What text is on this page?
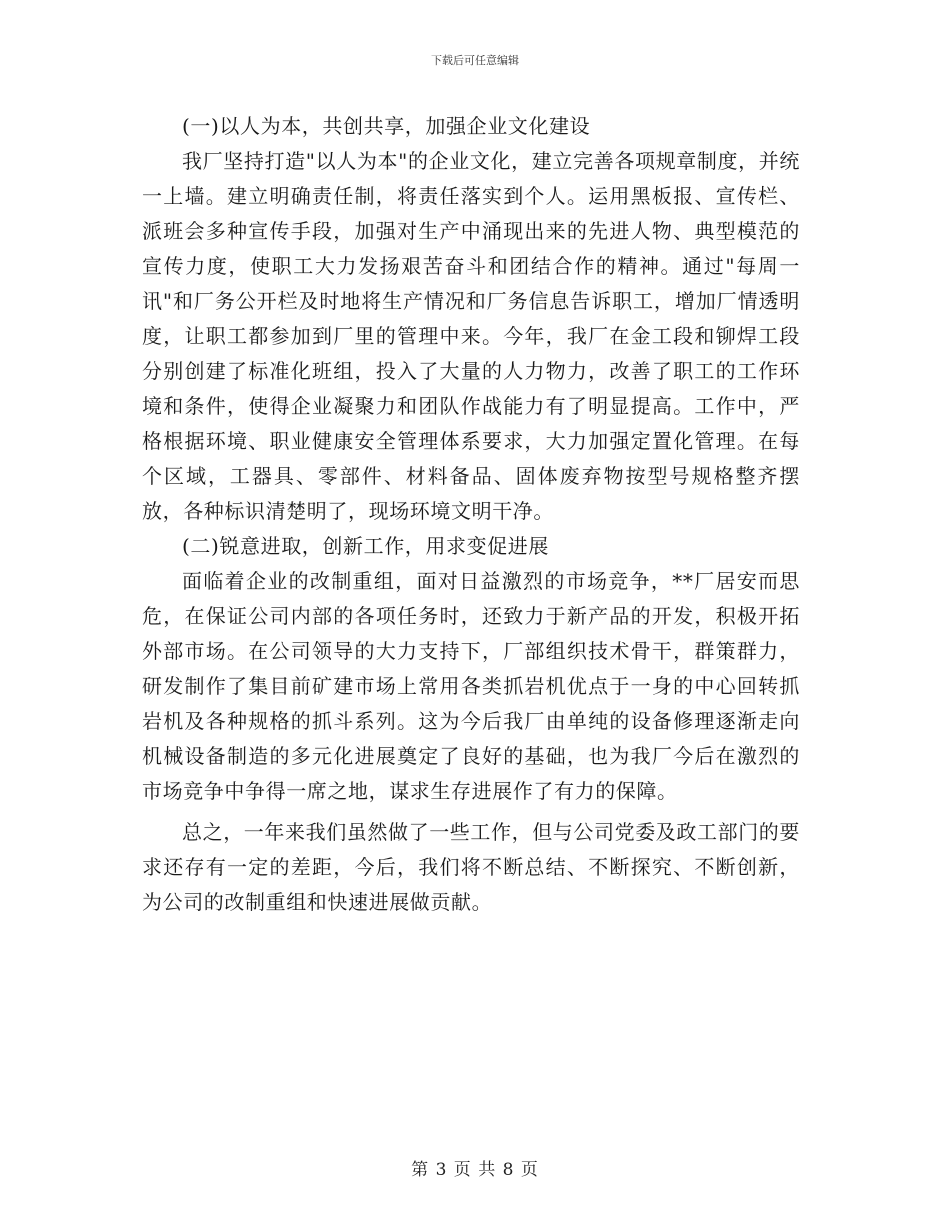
下载后可任意编辑

(一)以人为本，共创共享，加强企业文化建设

我厂坚持打造"以人为本"的企业文化，建立完善各项规章制度，并统一上墙。建立明确责任制，将责任落实到个人。运用黑板报、宣传栏、派班会多种宣传手段，加强对生产中涌现出来的先进人物、典型模范的宣传力度，使职工大力发扬艰苦奋斗和团结合作的精神。通过"每周一讯"和厂务公开栏及时地将生产情况和厂务信息告诉职工，增加厂情透明度，让职工都参加到厂里的管理中来。今年，我厂在金工段和铆焊工段分别创建了标准化班组，投入了大量的人力物力，改善了职工的工作环境和条件，使得企业凝聚力和团队作战能力有了明显提高。工作中，严格根据环境、职业健康安全管理体系要求，大力加强定置化管理。在每个区域，工器具、零部件、材料备品、固体废弃物按型号规格整齐摆放，各种标识清楚明了，现场环境文明干净。

(二)锐意进取，创新工作，用求变促进展

面临着企业的改制重组，面对日益激烈的市场竞争，**厂居安而思危，在保证公司内部的各项任务时，还致力于新产品的开发，积极开拓外部市场。在公司领导的大力支持下，厂部组织技术骨干，群策群力，研发制作了集目前矿建市场上常用各类抓岩机优点于一身的中心回转抓岩机及各种规格的抓斗系列。这为今后我厂由单纯的设备修理逐渐走向机械设备制造的多元化进展奠定了良好的基础，也为我厂今后在激烈的市场竞争中争得一席之地，谋求生存进展作了有力的保障。

总之，一年来我们虽然做了一些工作，但与公司党委及政工部门的要求还存有一定的差距，今后，我们将不断总结、不断探究、不断创新，为公司的改制重组和快速进展做贡献。

第 3 页 共 8 页
